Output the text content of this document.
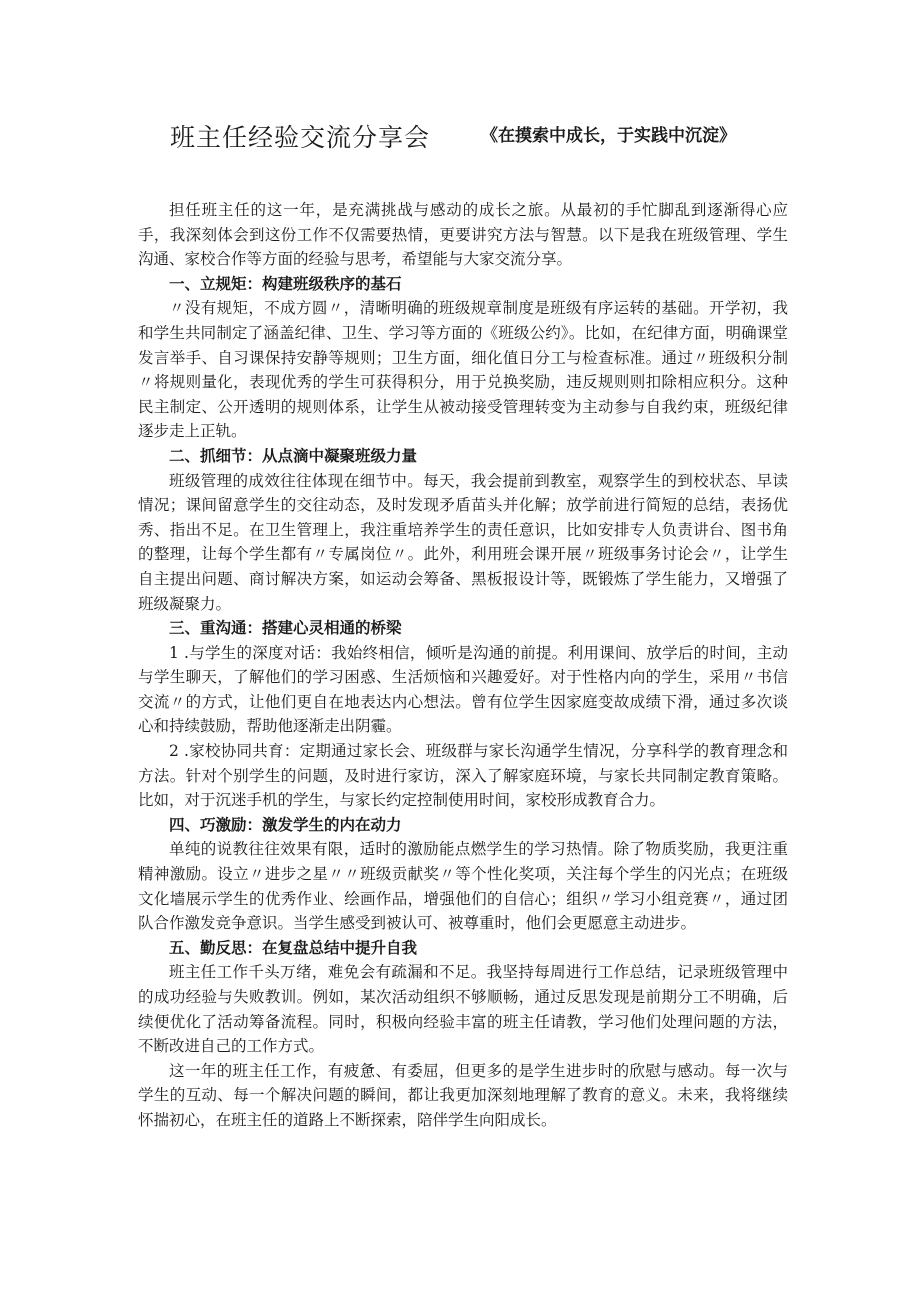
班主任经验交流分享会	《在摸索中成长，于实践中沉淀》

担任班主任的这一年，是充满挑战与感动的成长之旅。从最初的手忙脚乱到逐渐得心应手，我深刻体会到这份工作不仅需要热情，更要讲究方法与智慧。以下是我在班级管理、学生沟通、家校合作等方面的经验与思考，希望能与大家交流分享。

一、立规矩：构建班级秩序的基石

〃没有规矩，不成方圆〃，清晰明确的班级规章制度是班级有序运转的基础。开学初，我和学生共同制定了涵盖纪律、卫生、学习等方面的《班级公约》。比如，在纪律方面，明确课堂发言举手、自习课保持安静等规则；卫生方面，细化值日分工与检查标准。通过〃班级积分制〃将规则量化，表现优秀的学生可获得积分，用于兑换奖励，违反规则则扣除相应积分。这种民主制定、公开透明的规则体系，让学生从被动接受管理转变为主动参与自我约束，班级纪律逐步走上正轨。

二、抓细节：从点滴中凝聚班级力量

班级管理的成效往往体现在细节中。每天，我会提前到教室，观察学生的到校状态、早读情况；课间留意学生的交往动态，及时发现矛盾苗头并化解；放学前进行简短的总结，表扬优秀、指出不足。在卫生管理上，我注重培养学生的责任意识，比如安排专人负责讲台、图书角的整理，让每个学生都有〃专属岗位〃。此外，利用班会课开展〃班级事务讨论会〃，让学生自主提出问题、商讨解决方案，如运动会筹备、黑板报设计等，既锻炼了学生能力，又增强了班级凝聚力。

三、重沟通：搭建心灵相通的桥梁

1 .与学生的深度对话：我始终相信，倾听是沟通的前提。利用课间、放学后的时间，主动与学生聊天，了解他们的学习困惑、生活烦恼和兴趣爱好。对于性格内向的学生，采用〃书信交流〃的方式，让他们更自在地表达内心想法。曾有位学生因家庭变故成绩下滑，通过多次谈心和持续鼓励，帮助他逐渐走出阴霾。

2 .家校协同共育：定期通过家长会、班级群与家长沟通学生情况，分享科学的教育理念和方法。针对个别学生的问题，及时进行家访，深入了解家庭环境，与家长共同制定教育策略。比如，对于沉迷手机的学生，与家长约定控制使用时间，家校形成教育合力。

四、巧激励：激发学生的内在动力

单纯的说教往往效果有限，适时的激励能点燃学生的学习热情。除了物质奖励，我更注重精神激励。设立〃进步之星〃〃班级贡献奖〃等个性化奖项，关注每个学生的闪光点；在班级文化墙展示学生的优秀作业、绘画作品，增强他们的自信心；组织〃学习小组竞赛〃，通过团队合作激发竞争意识。当学生感受到被认可、被尊重时，他们会更愿意主动进步。

五、勤反思：在复盘总结中提升自我

班主任工作千头万绪，难免会有疏漏和不足。我坚持每周进行工作总结，记录班级管理中的成功经验与失败教训。例如，某次活动组织不够顺畅，通过反思发现是前期分工不明确，后续便优化了活动筹备流程。同时，积极向经验丰富的班主任请教，学习他们处理问题的方法，不断改进自己的工作方式。

这一年的班主任工作，有疲惫、有委屈，但更多的是学生进步时的欣慰与感动。每一次与学生的互动、每一个解决问题的瞬间，都让我更加深刻地理解了教育的意义。未来，我将继续怀揣初心，在班主任的道路上不断探索，陪伴学生向阳成长。
